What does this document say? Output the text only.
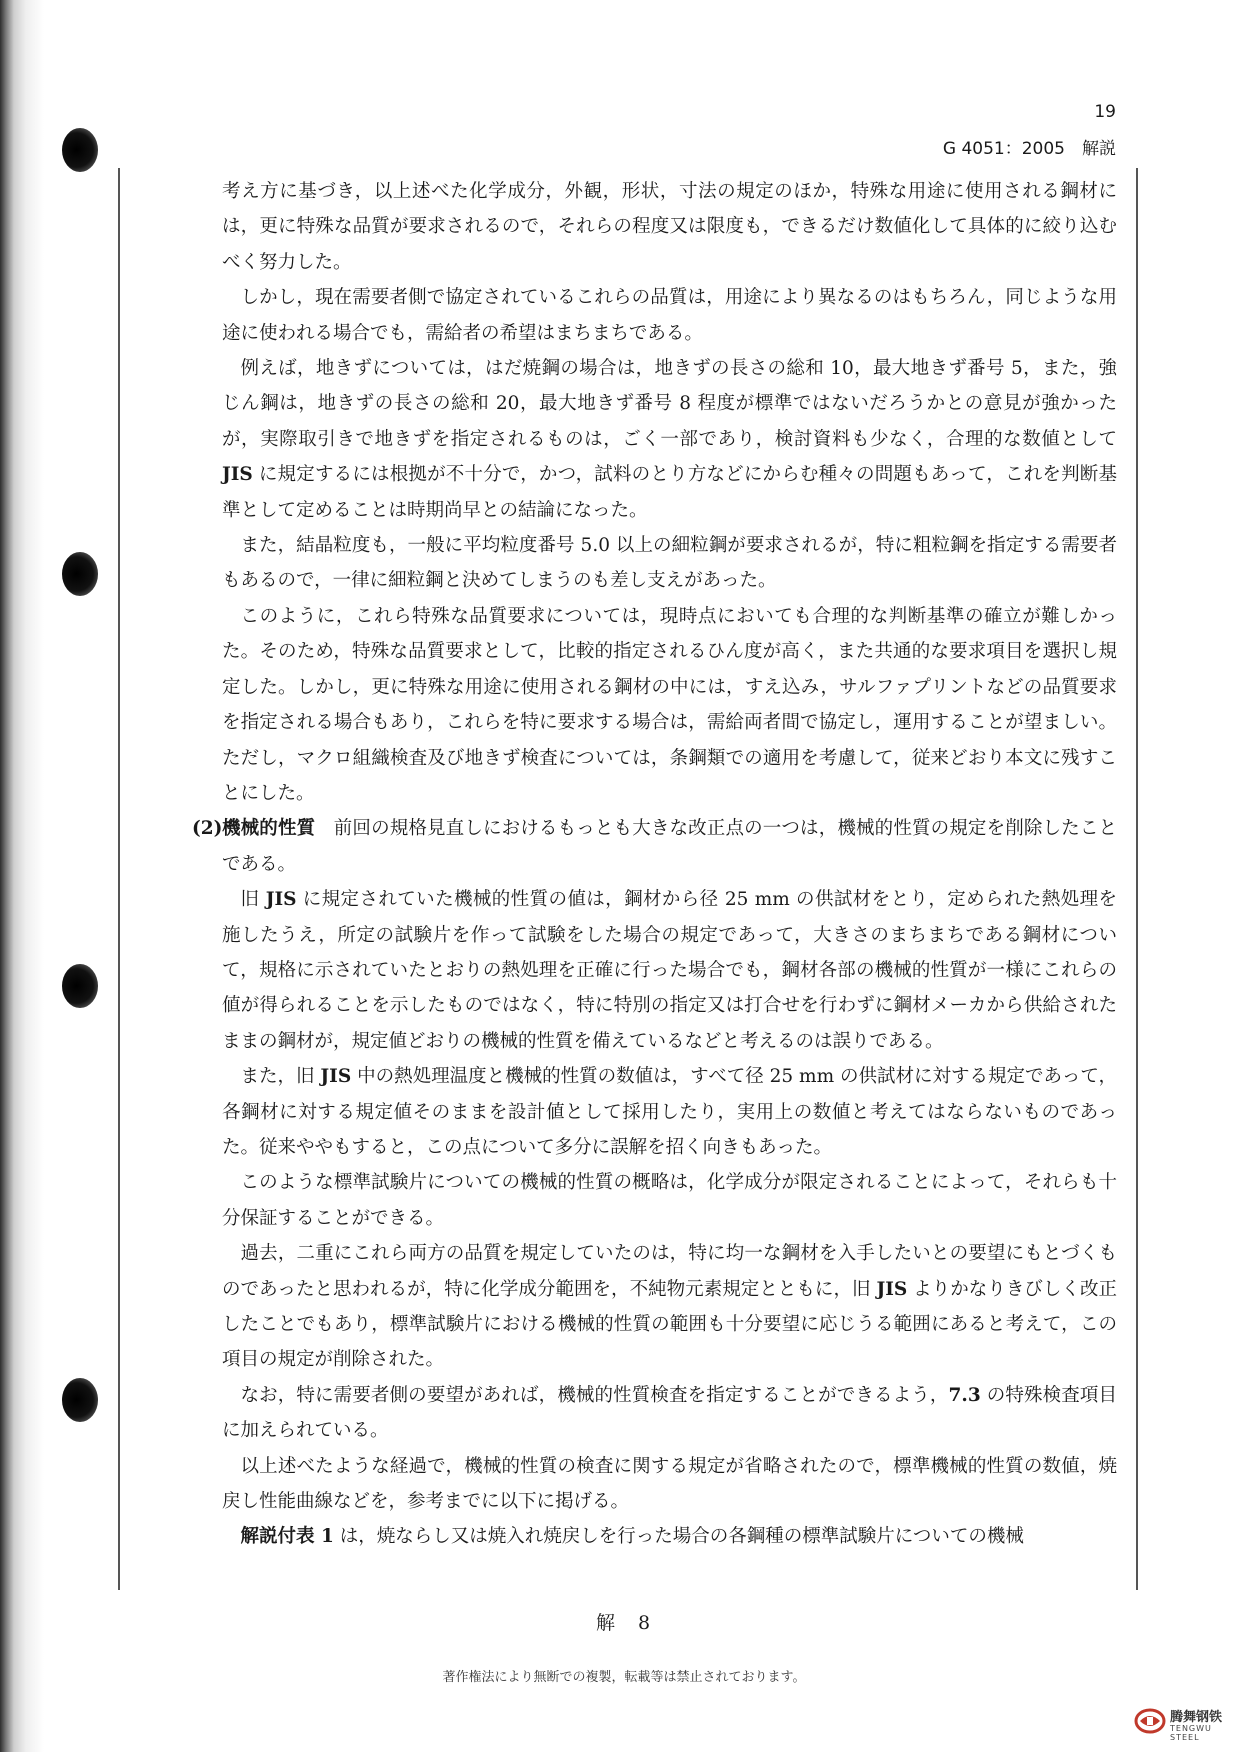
19
G 4051：2005　解説

考え方に基づき，以上述べた化学成分，外観，形状，寸法の規定のほか，特殊な用途に使用される鋼材には，更に特殊な品質が要求されるので，それらの程度又は限度も，できるだけ数値化して具体的に絞り込むべく努力した。

しかし，現在需要者側で協定されているこれらの品質は，用途により異なるのはもちろん，同じような用途に使われる場合でも，需給者の希望はまちまちである。

例えば，地きずについては，はだ焼鋼の場合は，地きずの長さの総和 10，最大地きず番号 5，また，強じん鋼は，地きずの長さの総和 20，最大地きず番号 8 程度が標準ではないだろうかとの意見が強かったが，実際取引きで地きずを指定されるものは，ごく一部であり，検討資料も少なく，合理的な数値として JIS に規定するには根拠が不十分で，かつ，試料のとり方などにからむ種々の問題もあって，これを判断基準として定めることは時期尚早との結論になった。

また，結晶粒度も，一般に平均粒度番号 5.0 以上の細粒鋼が要求されるが，特に粗粒鋼を指定する需要者もあるので，一律に細粒鋼と決めてしまうのも差し支えがあった。

このように，これら特殊な品質要求については，現時点においても合理的な判断基準の確立が難しかった。そのため，特殊な品質要求として，比較的指定されるひん度が高く，また共通的な要求項目を選択し規定した。しかし，更に特殊な用途に使用される鋼材の中には，すえ込み，サルファプリントなどの品質要求を指定される場合もあり，これらを特に要求する場合は，需給両者間で協定し，運用することが望ましい。ただし，マクロ組織検査及び地きず検査については，条鋼類での適用を考慮して，従来どおり本文に残すことにした。

(2) 機械的性質 前回の規格見直しにおけるもっとも大きな改正点の一つは，機械的性質の規定を削除したことである。

旧 JIS に規定されていた機械的性質の値は，鋼材から径 25 mm の供試材をとり，定められた熱処理を施したうえ，所定の試験片を作って試験をした場合の規定であって，大きさのまちまちである鋼材について，規格に示されていたとおりの熱処理を正確に行った場合でも，鋼材各部の機械的性質が一様にこれらの値が得られることを示したものではなく，特に特別の指定又は打合せを行わずに鋼材メーカから供給されたままの鋼材が，規定値どおりの機械的性質を備えているなどと考えるのは誤りである。

また，旧 JIS 中の熱処理温度と機械的性質の数値は，すべて径 25 mm の供試材に対する規定であって，各鋼材に対する規定値そのままを設計値として採用したり，実用上の数値と考えてはならないものであった。従来ややもすると，この点について多分に誤解を招く向きもあった。

このような標準試験片についての機械的性質の概略は，化学成分が限定されることによって，それらも十分保証することができる。

過去，二重にこれら両方の品質を規定していたのは，特に均一な鋼材を入手したいとの要望にもとづくものであったと思われるが，特に化学成分範囲を，不純物元素規定とともに，旧 JIS よりかなりきびしく改正したことでもあり，標準試験片における機械的性質の範囲も十分要望に応じうる範囲にあると考えて，この項目の規定が削除された。

なお，特に需要者側の要望があれば，機械的性質検査を指定することができるよう，7.3 の特殊検査項目に加えられている。

以上述べたような経過で，機械的性質の検査に関する規定が省略されたので，標準機械的性質の数値，焼戻し性能曲線などを，参考までに以下に掲げる。

解説付表 1 は，焼ならし又は焼入れ焼戻しを行った場合の各鋼種の標準試験片についての機械

解　8
著作権法により無断での複製，転載等は禁止されております。
腾舞钢铁
TENGWU STEEL
